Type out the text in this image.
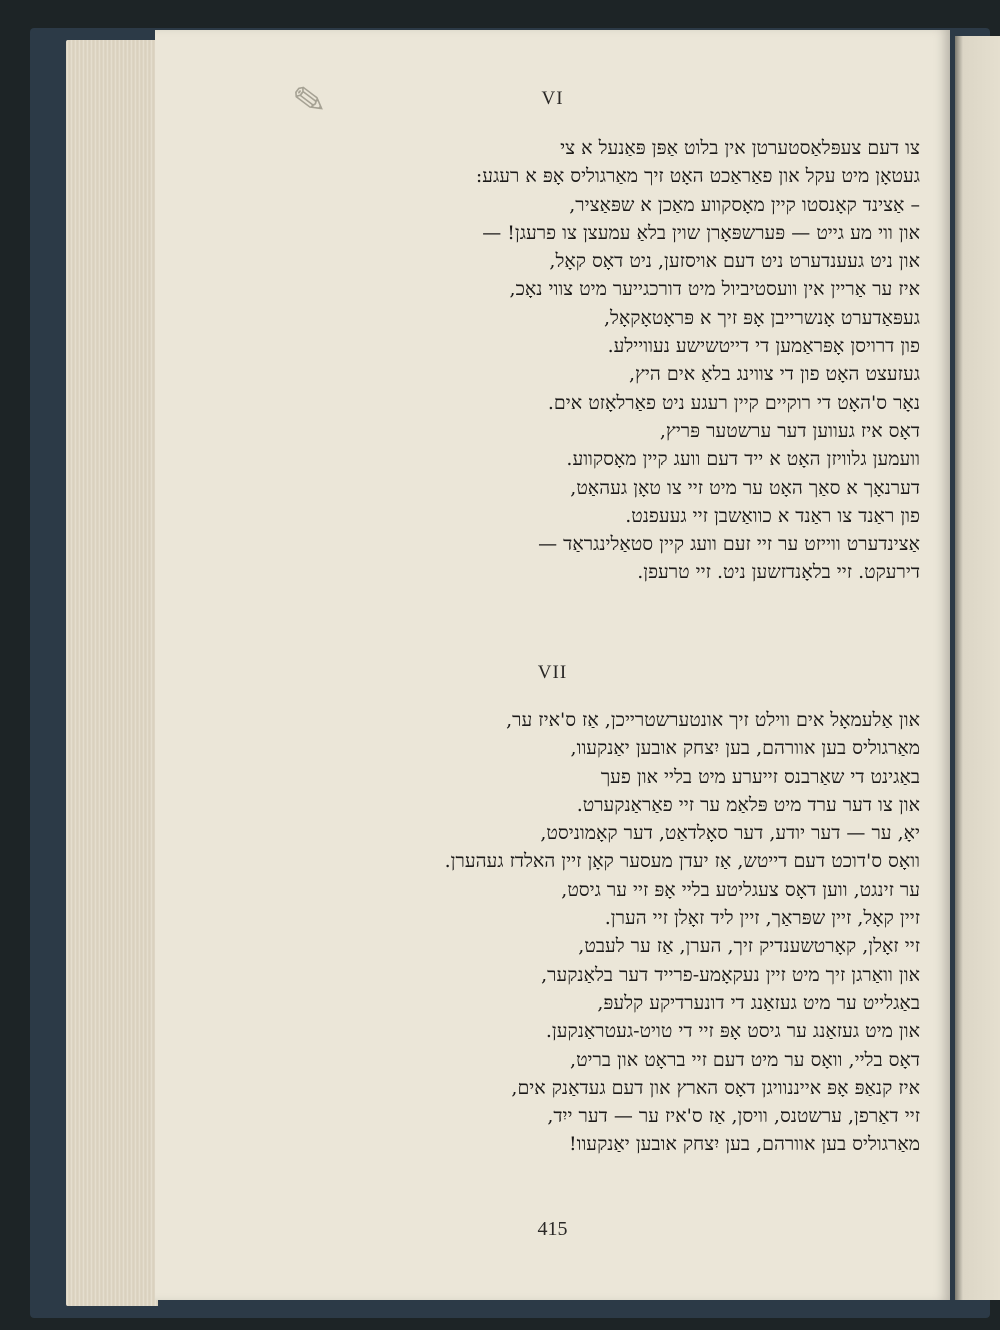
✎	VI
צו דעם צעפּלאַסטערטן אין בלוט אַפּן פּאַנעל א צי
געטאָן מיט עקל און פאַראַכט האָט זיך מאַרגוליס אָפּ א רעגע:
– אַצינד קאָנסטו קיין מאָסקווע מאַכן א שפּאַציר,
און ווי מע גייט — פּערשפּאָרן שוין בלאַ עמעצן צו פרעגן! —
און ניט געענדערט ניט דעם אויסזען, ניט דאָס קאָל,
איז ער אַריין אין וועסטיביול מיט דורכגייער מיט צווי נאָכ,
געפּאַדערט אָנשרייבן אָפּ זיך א פּראָטאָקאָל,
פון דרויסן אָפּראַמען די דייטשישע נעוויילע.
געזעצט האָט פון די צווינג בלאַ אים היץ,
נאָר ס'האָט די רוקיים קיין רעגע ניט פאַרלאָזט אים.
דאָס איז געווען דער ערשטער פּריץ,
וועמען גלוויזן האָט א ייד דעם וועג קיין מאָסקווע.
דערנאָך א סאַך האָט ער מיט זיי צו טאָן געהאַט,
פון ראַנד צו ראַנד א כוואַשבן זיי געעפנט.
אַצינדערט ווייזט ער זיי זעם וועג קיין סטאַלינגראַד —
דירעקט. זיי בלאָנדזשען ניט. זיי טרעפן.
VII
און אַלעמאָל אים ווילט זיך אונטערשטרייכן, אַז ס'איז ער,
מאַרגוליס בען אוורהם, בען יִצחק אובען יאַנקעוו,
באַגינט די שאַרבנס זייערע מיט בליי און פעך
און צו דער ערד מיט פּלאַמ ער זיי פאַראַנקערט.
יאָ, ער — דער יודע, דער סאָלדאַט, דער קאָמוניסט,
וואָס ס'דוכט דעם דייטש, אַז יעדן מעסער קאָן זיין האלדז געהערן.
ער זינגט, ווען דאָס צעגליטע בליי אָפּ זיי ער גיסט,
זיין קאָל, זיין שפּראַך, זיין ליד זאָלן זיי הערן.
זיי זאָלן, קאָרטשענדיק זיך, הערן, אַז ער לעבט,
און וואַרגן זיך מיט זיין נעקאָמע-פרייד דער בלאַנקער,
באַגלייט ער מיט געזאַנג די דונערדיקע קלעפּ,
און מיט געזאַנג ער גיסט אָפּ זיי די טויט-געטראַנקען.
דאָס בליי, וואָס ער מיט דעם זיי בראָט און בריט,
איז קנאַפּ אָפּ אייננוויגן דאָס הארץ און דעם געדאַנק אים,
זיי דאַרפן, ערשטנס, וויסן, אַז ס'איז ער — דער ייִד,
מאַרגוליס בען אוורהם, בען יִצחק אובען יאַנקעוו!
415
